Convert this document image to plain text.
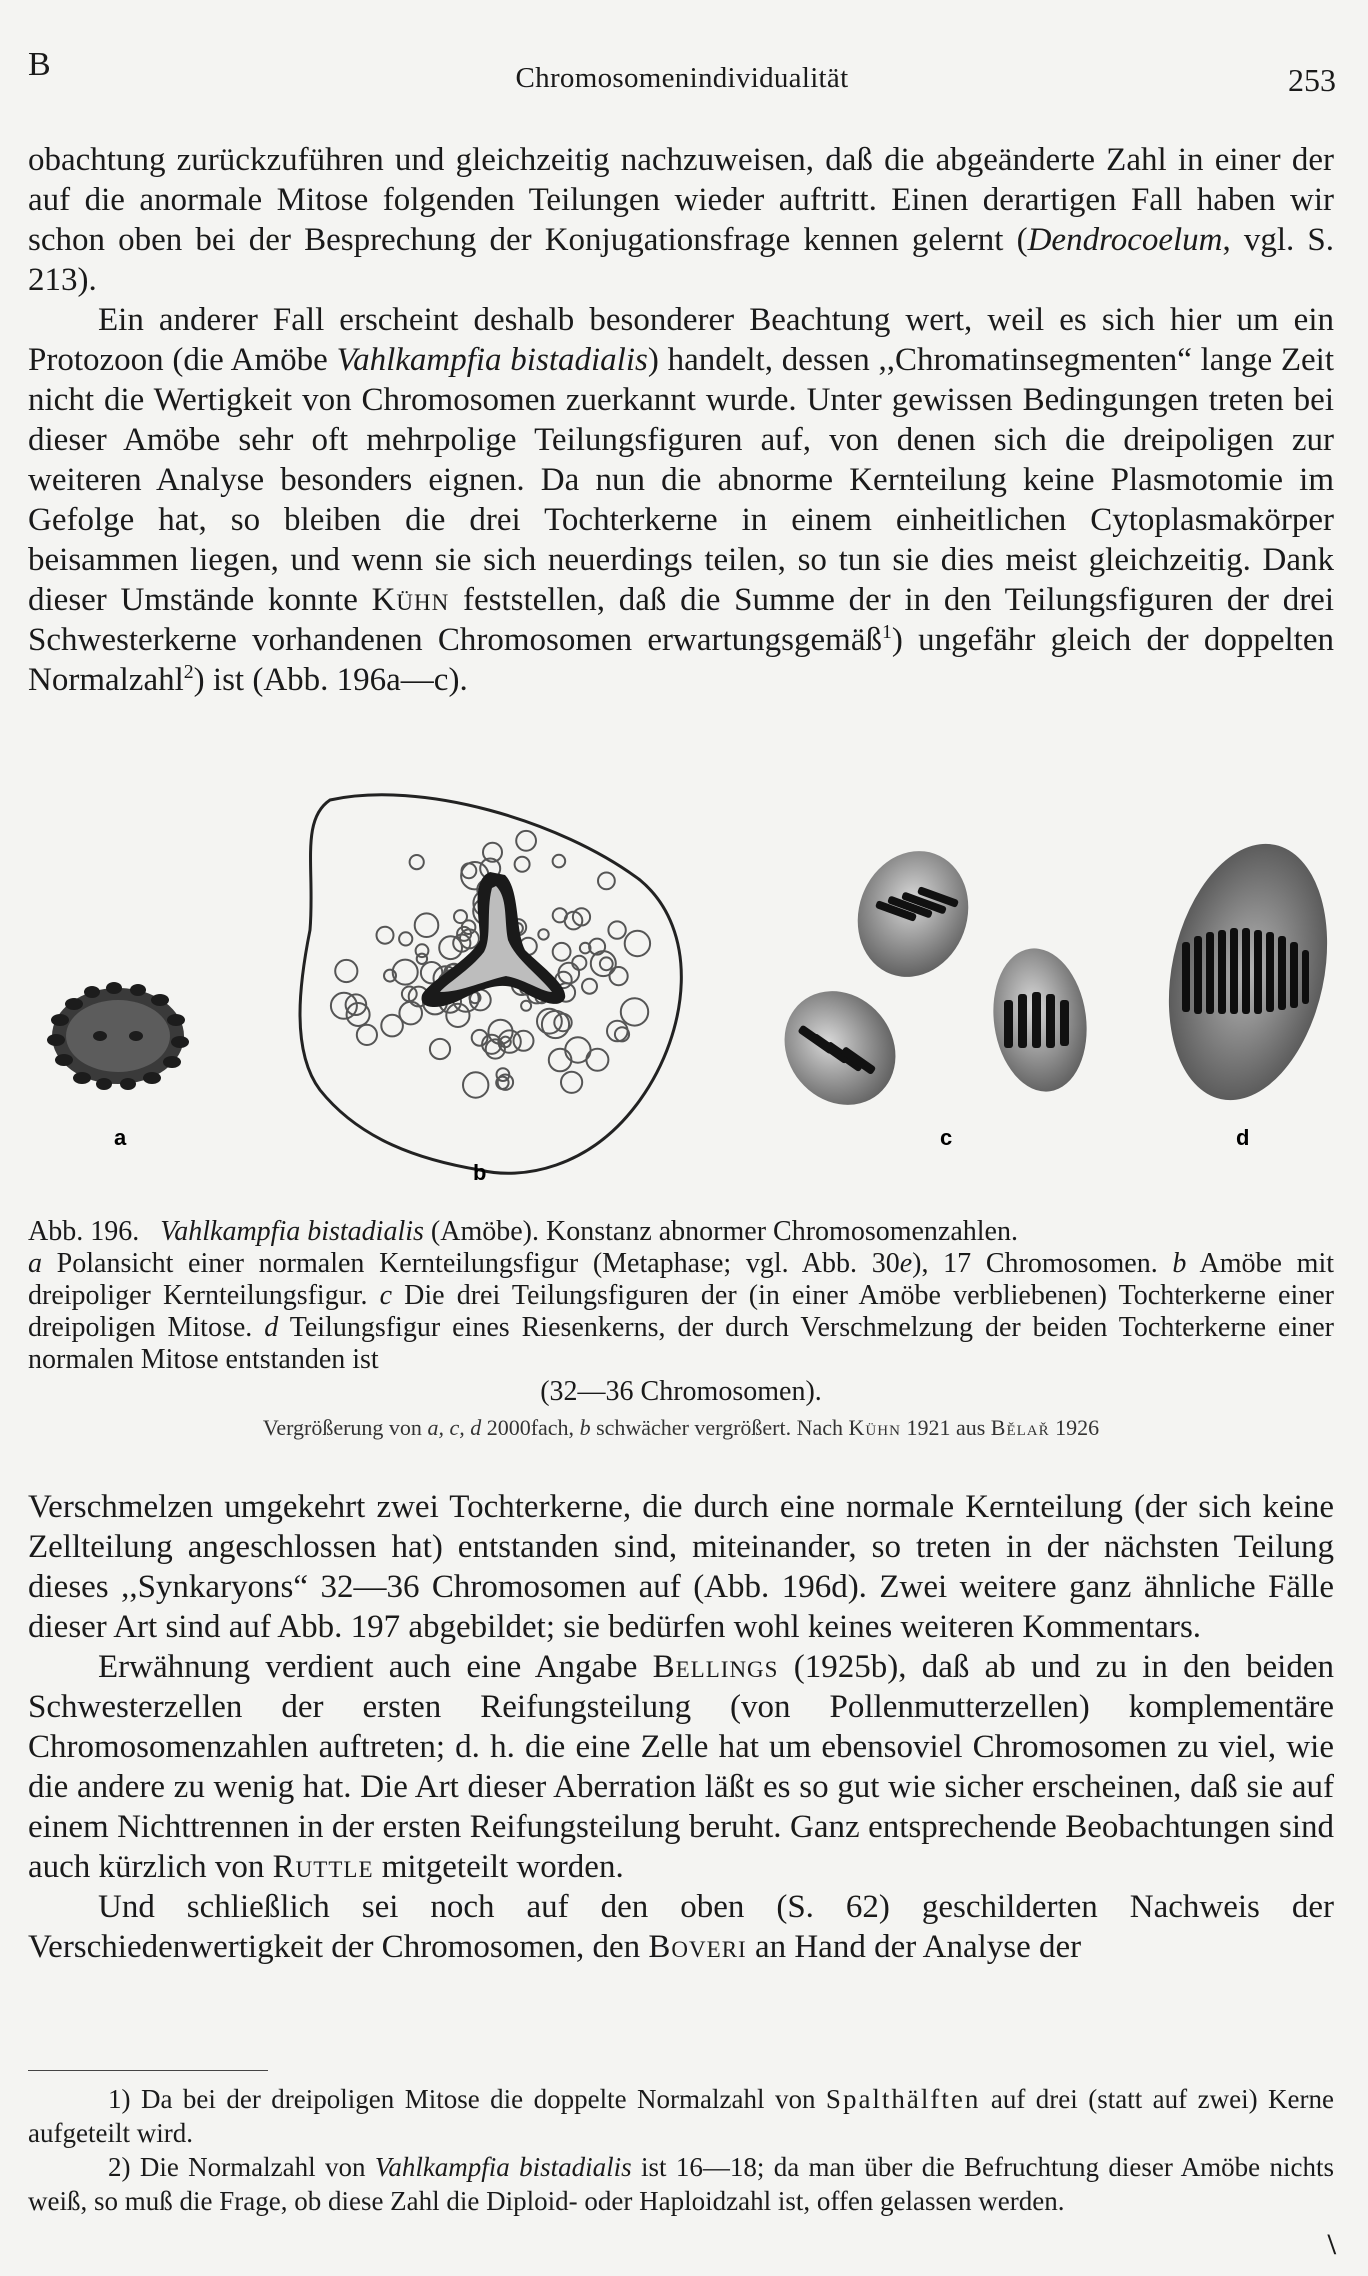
B	Chromosomenindividualität	253

obachtung zurückzuführen und gleichzeitig nachzuweisen, daß die abgeänderte Zahl in einer der auf die anormale Mitose folgenden Teilungen wieder auftritt. Einen derartigen Fall haben wir schon oben bei der Besprechung der Konjugationsfrage kennen gelernt (Dendrocoelum, vgl. S. 213).

Ein anderer Fall erscheint deshalb besonderer Beachtung wert, weil es sich hier um ein Protozoon (die Amöbe Vahlkampfia bistadialis) handelt, dessen ,,Chromatinsegmenten“ lange Zeit nicht die Wertigkeit von Chromosomen zuerkannt wurde. Unter gewissen Bedingungen treten bei dieser Amöbe sehr oft mehrpolige Teilungsfiguren auf, von denen sich die dreipoligen zur weiteren Analyse besonders eignen. Da nun die abnorme Kernteilung keine Plasmotomie im Gefolge hat, so bleiben die drei Tochterkerne in einem einheitlichen Cytoplasmakörper beisammen liegen, und wenn sie sich neuerdings teilen, so tun sie dies meist gleichzeitig. Dank dieser Umstände konnte Kühn feststellen, daß die Summe der in den Teilungsfiguren der drei Schwesterkerne vorhandenen Chromosomen erwartungsgemäß$^1$) ungefähr gleich der doppelten Normalzahl$^2$) ist (Abb. 196a—c).

a
b
c	d

Abb. 196. Vahlkampfia bistadialis (Amöbe). Konstanz abnormer Chromosomenzahlen.

a Polansicht einer normalen Kernteilungsfigur (Metaphase; vgl. Abb. 30e), 17 Chromosomen. b Amöbe mit dreipoliger Kernteilungsfigur. c Die drei Teilungsfiguren der (in einer Amöbe verbliebenen) Tochterkerne einer dreipoligen Mitose. d Teilungsfigur eines Riesenkerns, der durch Verschmelzung der beiden Tochterkerne einer normalen Mitose entstanden ist

(32—36 Chromosomen).

Vergrößerung von a, c, d 2000fach, b schwächer vergrößert. Nach Kühn 1921 aus Bělař 1926

Verschmelzen umgekehrt zwei Tochterkerne, die durch eine normale Kernteilung (der sich keine Zellteilung angeschlossen hat) entstanden sind, miteinander, so treten in der nächsten Teilung dieses ,,Synkaryons“ 32—36 Chromosomen auf (Abb. 196d). Zwei weitere ganz ähnliche Fälle dieser Art sind auf Abb. 197 abgebildet; sie bedürfen wohl keines weiteren Kommentars.

Erwähnung verdient auch eine Angabe Bellings (1925b), daß ab und zu in den beiden Schwesterzellen der ersten Reifungsteilung (von Pollenmutterzellen) komplementäre Chromosomenzahlen auftreten; d. h. die eine Zelle hat um ebensoviel Chromosomen zu viel, wie die andere zu wenig hat. Die Art dieser Aberration läßt es so gut wie sicher erscheinen, daß sie auf einem Nichttrennen in der ersten Reifungsteilung beruht. Ganz entsprechende Beobachtungen sind auch kürzlich von Ruttle mitgeteilt worden.

Und schließlich sei noch auf den oben (S. 62) geschilderten Nachweis der Verschiedenwertigkeit der Chromosomen, den Boveri an Hand der Analyse der

1) Da bei der dreipoligen Mitose die doppelte Normalzahl von Spalthälften auf drei (statt auf zwei) Kerne aufgeteilt wird.

2) Die Normalzahl von Vahlkampfia bistadialis ist 16—18; da man über die Befruchtung dieser Amöbe nichts weiß, so muß die Frage, ob diese Zahl die Diploid- oder Haploidzahl ist, offen gelassen werden.

\
